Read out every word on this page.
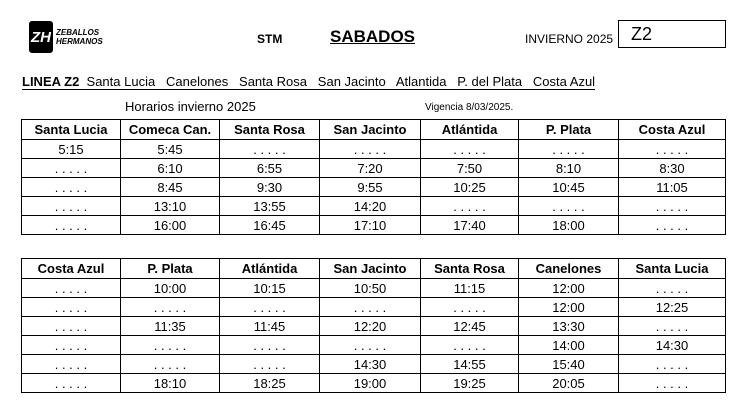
ZH ZEBALLOS
HERMANOS	STM	SABADOS	INVIERNO 2025 Z2
LINEA Z2  Santa Lucia   Canelones   Santa Rosa   San Jacinto   Atlantida   P. del Plata   Costa Azul
Horarios invierno 2025	Vigencia 8/03/2025.
Santa Lucia	Comeca Can.	Santa Rosa	San Jacinto	Atlántida	P. Plata	Costa Azul
5:15	5:45	. . . . .	. . . . .	. . . . .	. . . . .	. . . . .
. . . . .	6:10	6:55	7:20	7:50	8:10	8:30
. . . . .	8:45	9:30	9:55	10:25	10:45	11:05
. . . . .	13:10	13:55	14:20	. . . . .	. . . . .	. . . . .
. . . . .	16:00	16:45	17:10	17:40	18:00	. . . . .
Costa Azul	P. Plata	Atlántida	San Jacinto	Santa Rosa	Canelones	Santa Lucia
. . . . .	10:00	10:15	10:50	11:15	12:00	. . . . .
. . . . .	. . . . .	. . . . .	. . . . .	. . . . .	12:00	12:25
. . . . .	11:35	11:45	12:20	12:45	13:30	. . . . .
. . . . .	. . . . .	. . . . .	. . . . .	. . . . .	14:00	14:30
. . . . .	. . . . .	. . . . .	14:30	14:55	15:40	. . . . .
. . . . .	18:10	18:25	19:00	19:25	20:05	. . . . .
